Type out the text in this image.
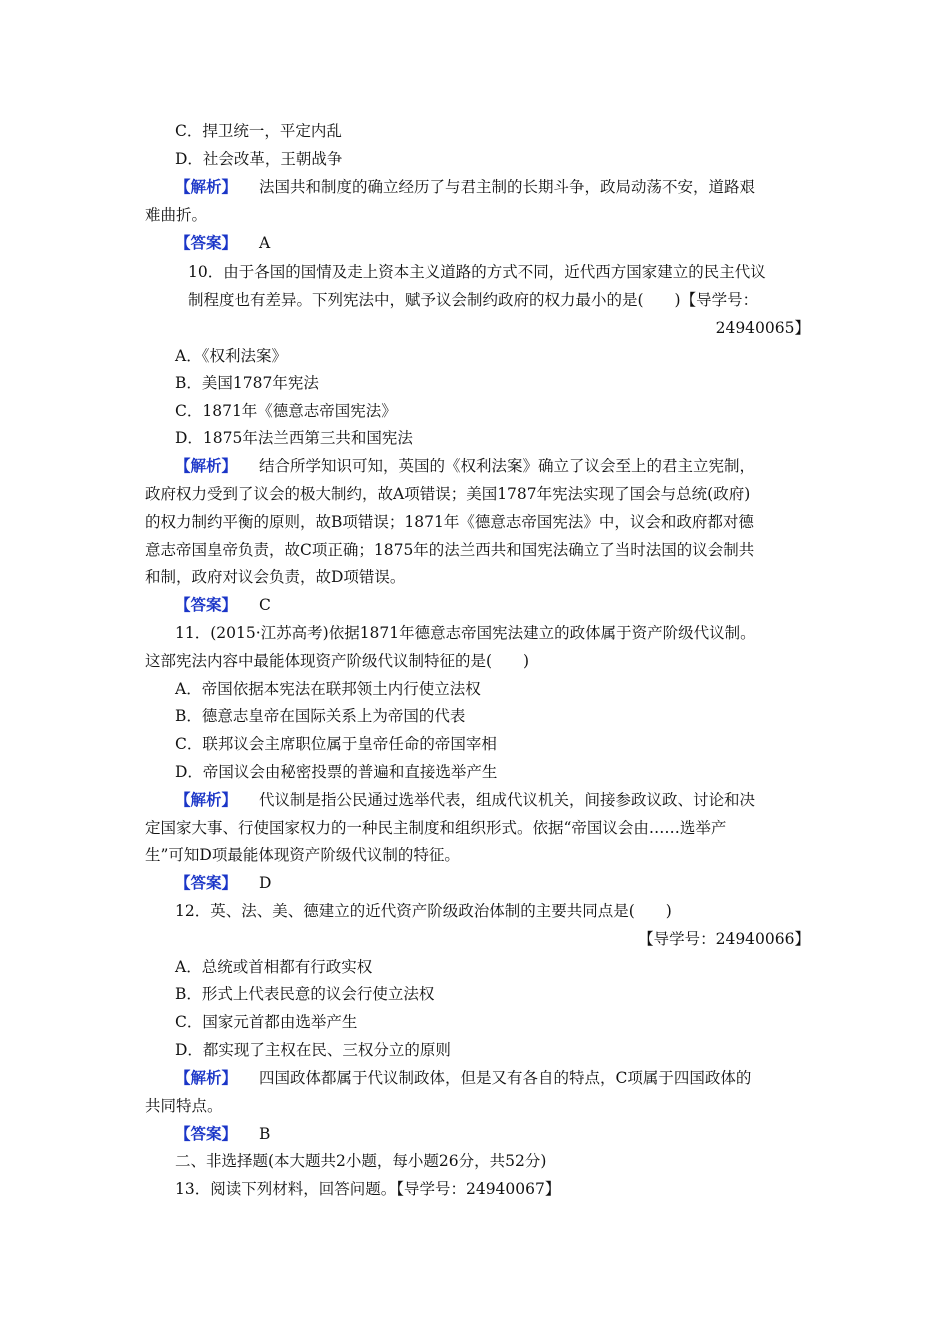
C．捍卫统一，平定内乱
D．社会改革，王朝战争
【解析】 法国共和制度的确立经历了与君主制的长期斗争，政局动荡不安，道路艰
难曲折。
【答案】 A
10．由于各国的国情及走上资本主义道路的方式不同，近代西方国家建立的民主代议
制程度也有差异。下列宪法中，赋予议会制约政府的权力最小的是(　　)【导学号：
24940065】
A．《权利法案》
B．美国1787年宪法
C．1871年《德意志帝国宪法》
D．1875年法兰西第三共和国宪法
【解析】 结合所学知识可知，英国的《权利法案》确立了议会至上的君主立宪制，
政府权力受到了议会的极大制约，故A项错误；美国1787年宪法实现了国会与总统(政府)
的权力制约平衡的原则，故B项错误；1871年《德意志帝国宪法》中，议会和政府都对德
意志帝国皇帝负责，故C项正确；1875年的法兰西共和国宪法确立了当时法国的议会制共
和制，政府对议会负责，故D项错误。
【答案】 C
11．(2015·江苏高考)依据1871年德意志帝国宪法建立的政体属于资产阶级代议制。
这部宪法内容中最能体现资产阶级代议制特征的是(　　)
A．帝国依据本宪法在联邦领土内行使立法权
B．德意志皇帝在国际关系上为帝国的代表
C．联邦议会主席职位属于皇帝任命的帝国宰相
D．帝国议会由秘密投票的普遍和直接选举产生
【解析】 代议制是指公民通过选举代表，组成代议机关，间接参政议政、讨论和决
定国家大事、行使国家权力的一种民主制度和组织形式。依据“帝国议会由……选举产
生”可知D项最能体现资产阶级代议制的特征。
【答案】 D
12．英、法、美、德建立的近代资产阶级政治体制的主要共同点是(　　)
【导学号：24940066】
A．总统或首相都有行政实权
B．形式上代表民意的议会行使立法权
C．国家元首都由选举产生
D．都实现了主权在民、三权分立的原则
【解析】 四国政体都属于代议制政体，但是又有各自的特点，C项属于四国政体的
共同特点。
【答案】 B
二、非选择题(本大题共2小题，每小题26分，共52分)
13．阅读下列材料，回答问题。【导学号：24940067】
